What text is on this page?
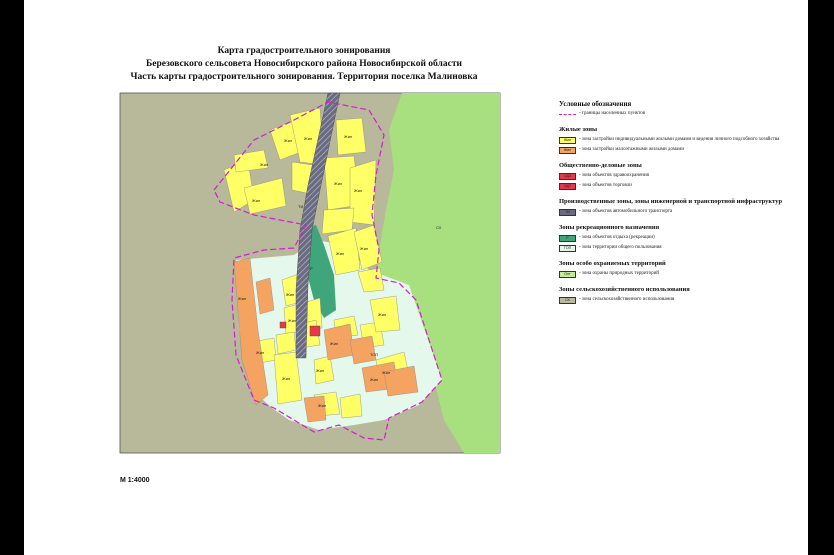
Карта градостроительного зонирования
Березовского сельсовета Новосибирского района Новосибирской области
Часть карты градостроительного зонирования. Территория поселка Малиновка
Жил
Жил
Жил	Жил	Жил
Жил
Жил
Жил
Жил
Жил
Жил
Жил
Жил
Жил
Жил
Жил
Жил
Жил
Жил
Жил
СХ
ТИ
Р
ТОП
М 1:4000
Условные обозначения
- границы населенных пунктов
Жилые зоны
Жил	- зона застройки индивидуальными жилыми домами и ведения личного подсобного хозяйства
Жил	- зона застройки малоэтажными жилыми домами
Общественно-деловые зоны
ОДЗ	- зона объектов здравоохранения
ОДТ	- зона объектов торговли
Производственные зоны, зоны инженерной и транспортной инфраструктур
ТИ	- зона объектов автомобильного транспорта
Зоны рекреационного назначения
Р	- зона объектов отдыха (рекреации)
ТОП	- зона территории общего пользования
Зоны особо охраняемых территорий
Опт	- зона охраны природных территорий
Зоны сельскохозяйственного использования
СХ	- зона сельскохозяйственного использования
